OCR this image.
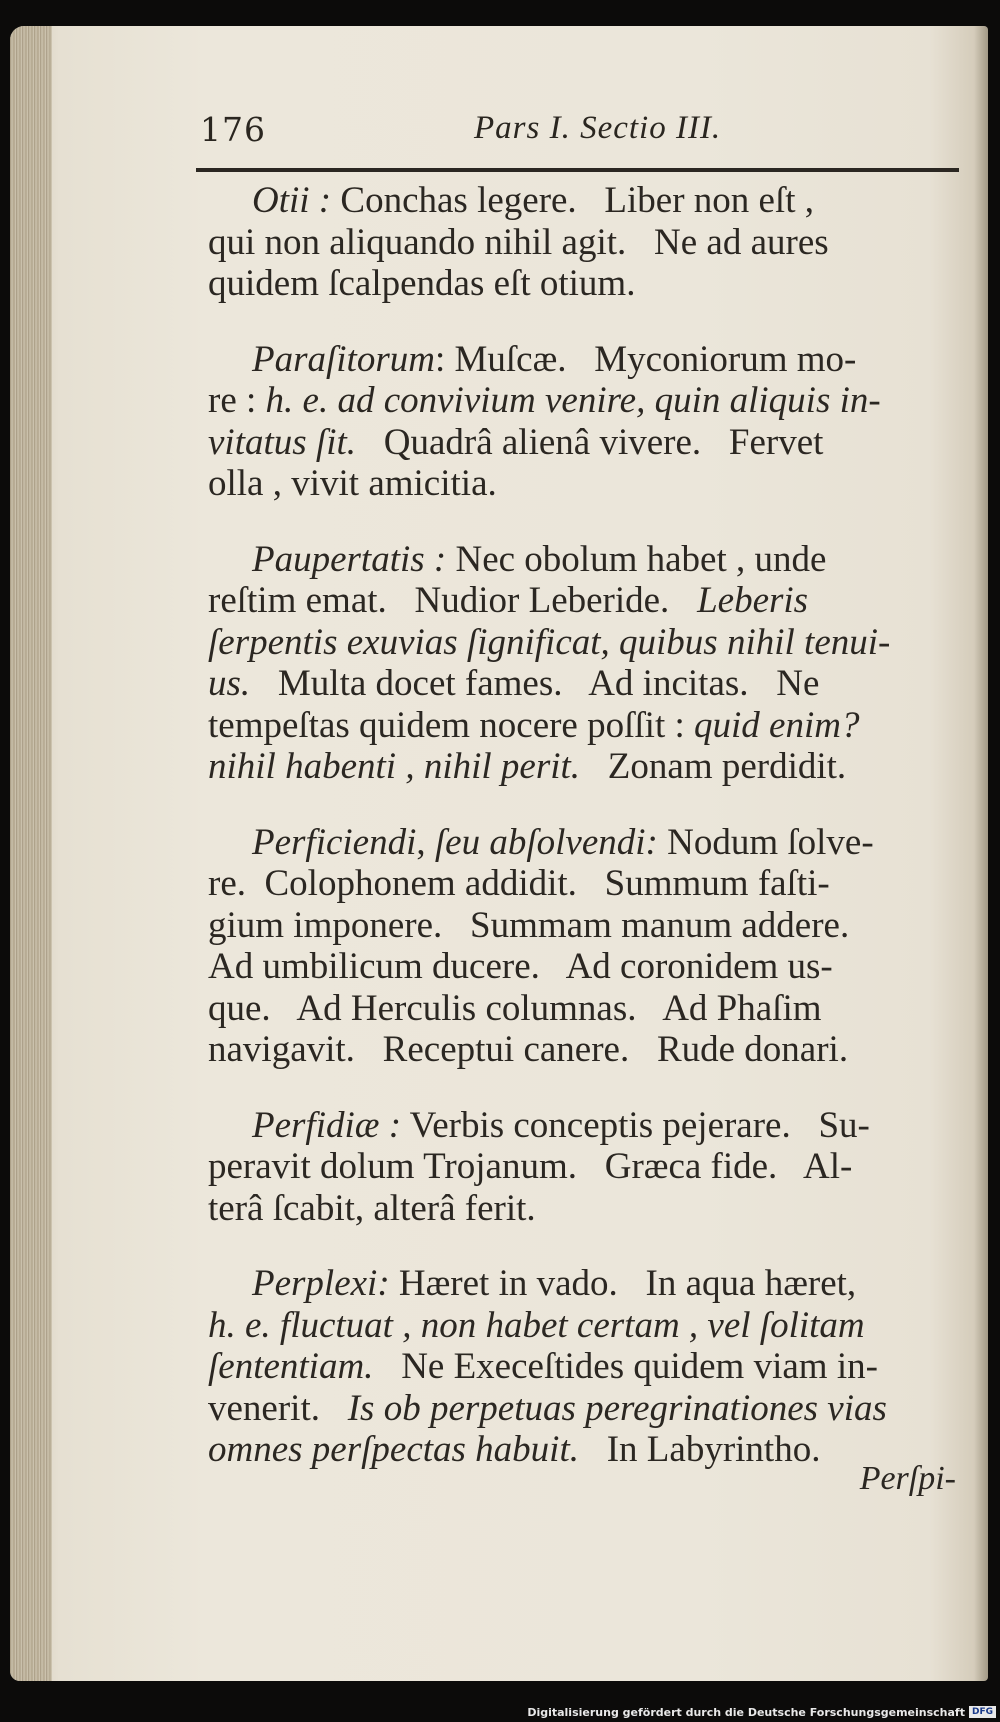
176	Pars I. Sectio III.
Otii : Conchas legere.   Liber non eſt ,
qui non aliquando nihil agit.   Ne ad aures
quidem ſcalpendas eſt otium.
Paraſitorum: Muſcæ.   Myconiorum mo-
re : h. e. ad convivium venire, quin aliquis in-
vitatus ſit.   Quadrâ alienâ vivere.   Fervet
olla , vivit amicitia.
Paupertatis : Nec obolum habet , unde
reſtim emat.   Nudior Leberide.   Leberis
ſerpentis exuvias ſignificat, quibus nihil tenui-
us.   Multa docet fames.   Ad incitas.   Ne
tempeſtas quidem nocere poſſit : quid enim?
nihil habenti , nihil perit.   Zonam perdidit.
Perficiendi, ſeu abſolvendi: Nodum ſolve-
re.  Colophonem addidit.   Summum faſti-
gium imponere.   Summam manum addere.
Ad umbilicum ducere.   Ad coronidem us-
que.   Ad Herculis columnas.   Ad Phaſim
navigavit.   Receptui canere.   Rude donari.
Perfidiæ : Verbis conceptis pejerare.   Su-
peravit dolum Trojanum.   Græca fide.   Al-
terâ ſcabit, alterâ ferit.
Perplexi: Hæret in vado.   In aqua hæret,
h. e. fluctuat , non habet certam , vel ſolitam
ſententiam.   Ne Execeſtides quidem viam in-
venerit.   Is ob perpetuas peregrinationes vias
omnes perſpectas habuit.   In Labyrintho.
Perſpi-
Digitalisierung gefördert durch die Deutsche Forschungsgemeinschaft DFG
